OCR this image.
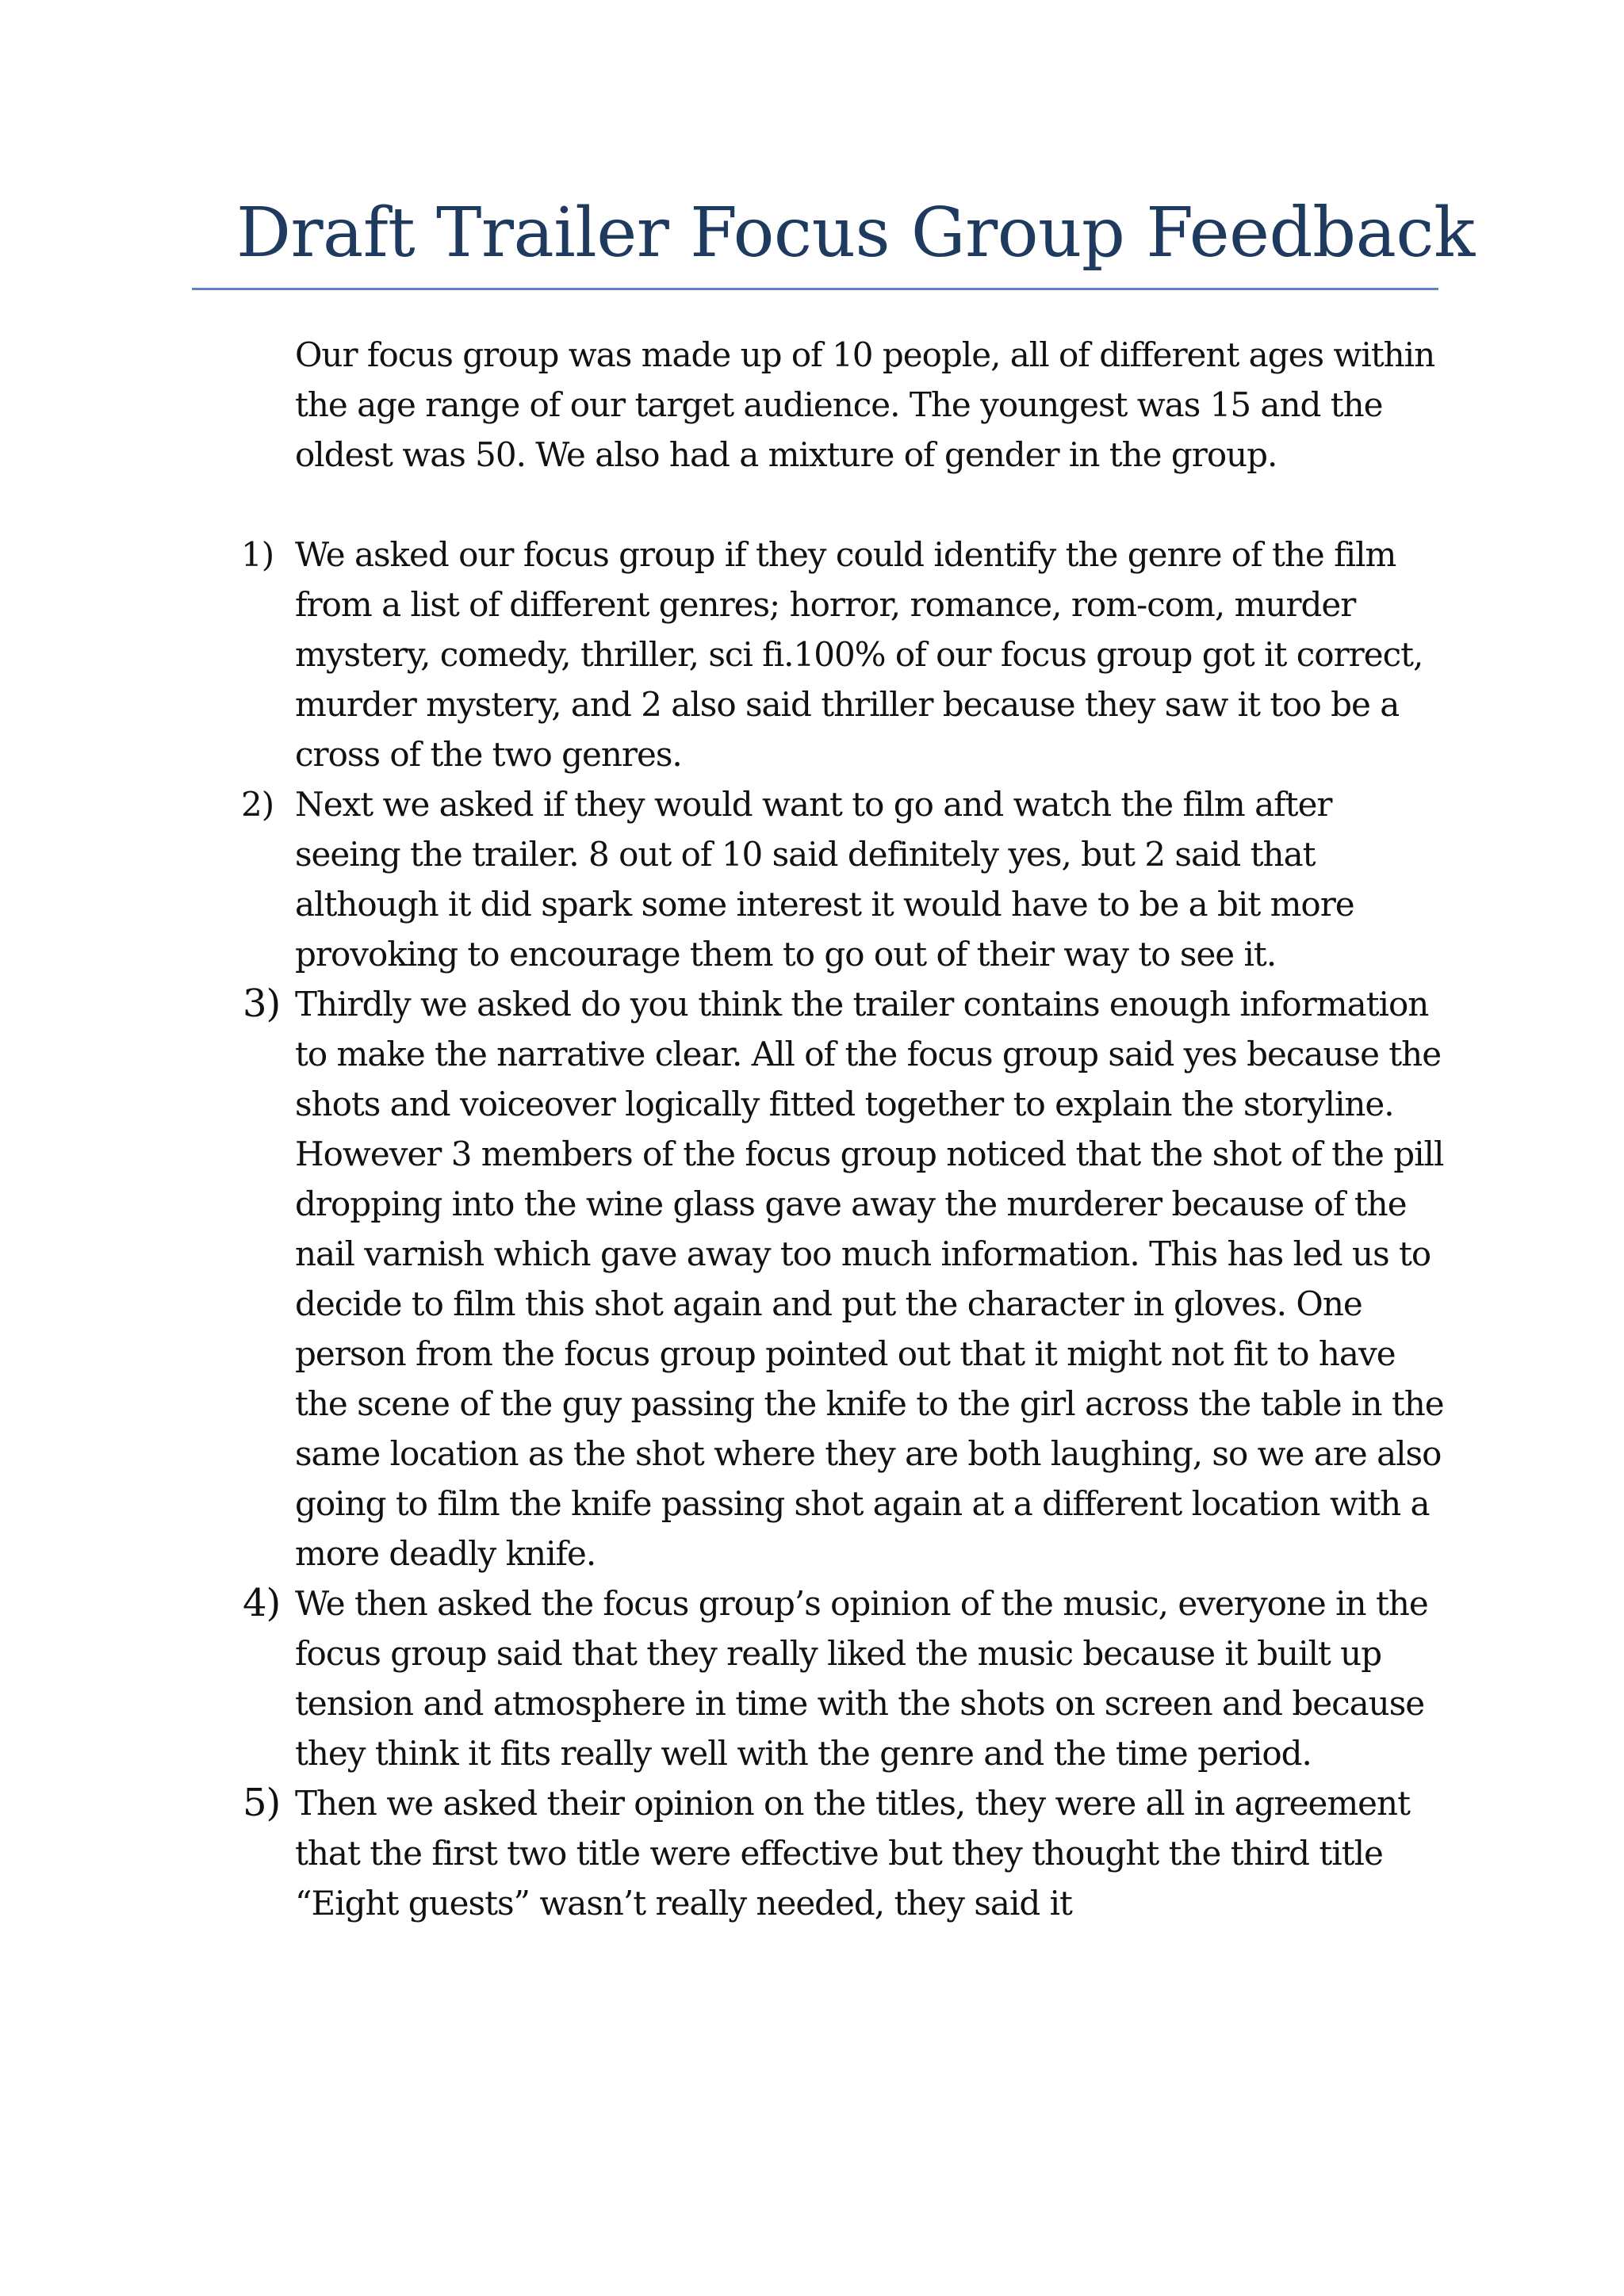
Draft Trailer Focus Group Feedback

Our focus group was made up of 10 people, all of different ages within the age range of our target audience. The youngest was 15 and the oldest was 50. We also had a mixture of gender in the group.

1) We asked our focus group if they could identify the genre of the film from a list of different genres; horror, romance, rom-com, murder mystery, comedy, thriller, sci fi.100% of our focus group got it correct, murder mystery, and 2 also said thriller because they saw it too be a cross of the two genres.
2) Next we asked if they would want to go and watch the film after seeing the trailer. 8 out of 10 said definitely yes, but 2 said that although it did spark some interest it would have to be a bit more provoking to encourage them to go out of their way to see it.
3) Thirdly we asked do you think the trailer contains enough information to make the narrative clear. All of the focus group said yes because the shots and voiceover logically fitted together to explain the storyline. However 3 members of the focus group noticed that the shot of the pill dropping into the wine glass gave away the murderer because of the nail varnish which gave away too much information. This has led us to decide to film this shot again and put the character in gloves. One person from the focus group pointed out that it might not fit to have the scene of the guy passing the knife to the girl across the table in the same location as the shot where they are both laughing, so we are also going to film the knife passing shot again at a different location with a more deadly knife.
4) We then asked the focus group’s opinion of the music, everyone in the focus group said that they really liked the music because it built up tension and atmosphere in time with the shots on screen and because they think it fits really well with the genre and the time period.
5) Then we asked their opinion on the titles, they were all in agreement that the first two title were effective but they thought the third title “Eight guests” wasn’t really needed, they said it
